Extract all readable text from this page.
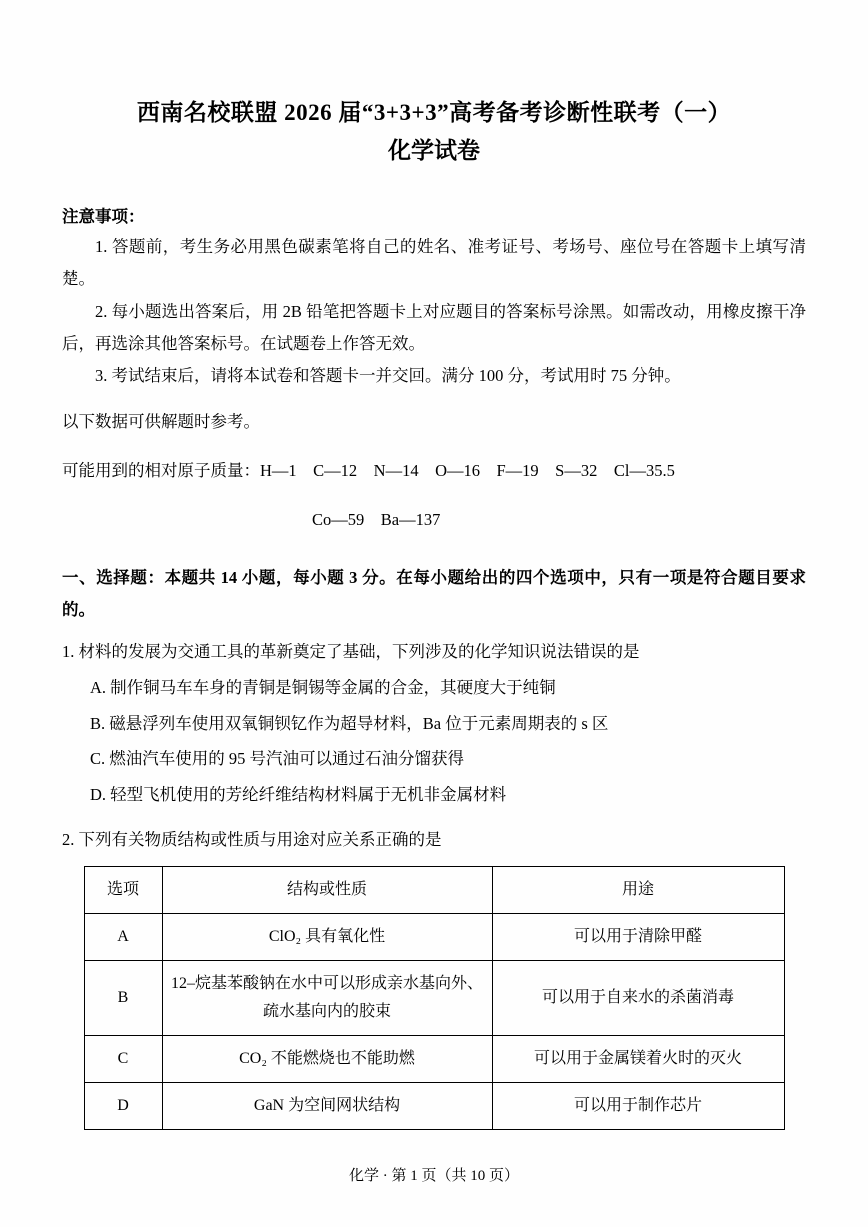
西南名校联盟 2026 届“3+3+3”高考备考诊断性联考（一）
化学试卷
注意事项：

1. 答题前，考生务必用黑色碳素笔将自己的姓名、准考证号、考场号、座位号在答题卡上填写清楚。

2. 每小题选出答案后，用 2B 铅笔把答题卡上对应题目的答案标号涂黑。如需改动，用橡皮擦干净后，再选涂其他答案标号。在试题卷上作答无效。

3. 考试结束后，请将本试卷和答题卡一并交回。满分 100 分，考试用时 75 分钟。

以下数据可供解题时参考。

可能用到的相对原子质量：H—1　C—12　N—14　O—16　F—19　S—32　Cl—35.5

Co—59　Ba—137

一、选择题：本题共 14 小题，每小题 3 分。在每小题给出的四个选项中，只有一项是符合题目要求的。
1. 材料的发展为交通工具的革新奠定了基础，下列涉及的化学知识说法错误的是
A. 制作铜马车车身的青铜是铜锡等金属的合金，其硬度大于纯铜
B. 磁悬浮列车使用双氧铜钡钇作为超导材料，Ba 位于元素周期表的 s 区
C. 燃油汽车使用的 95 号汽油可以通过石油分馏获得
D. 轻型飞机使用的芳纶纤维结构材料属于无机非金属材料
2. 下列有关物质结构或性质与用途对应关系正确的是
选项	结构或性质	用途
A	ClO₂ 具有氧化性	可以用于清除甲醛
B	12–烷基苯酸钠在水中可以形成亲水基向外、疏水基向内的胶束	可以用于自来水的杀菌消毒
C	CO₂ 不能燃烧也不能助燃	可以用于金属镁着火时的灭火
D	GaN 为空间网状结构	可以用于制作芯片
化学 · 第 1 页（共 10 页）
